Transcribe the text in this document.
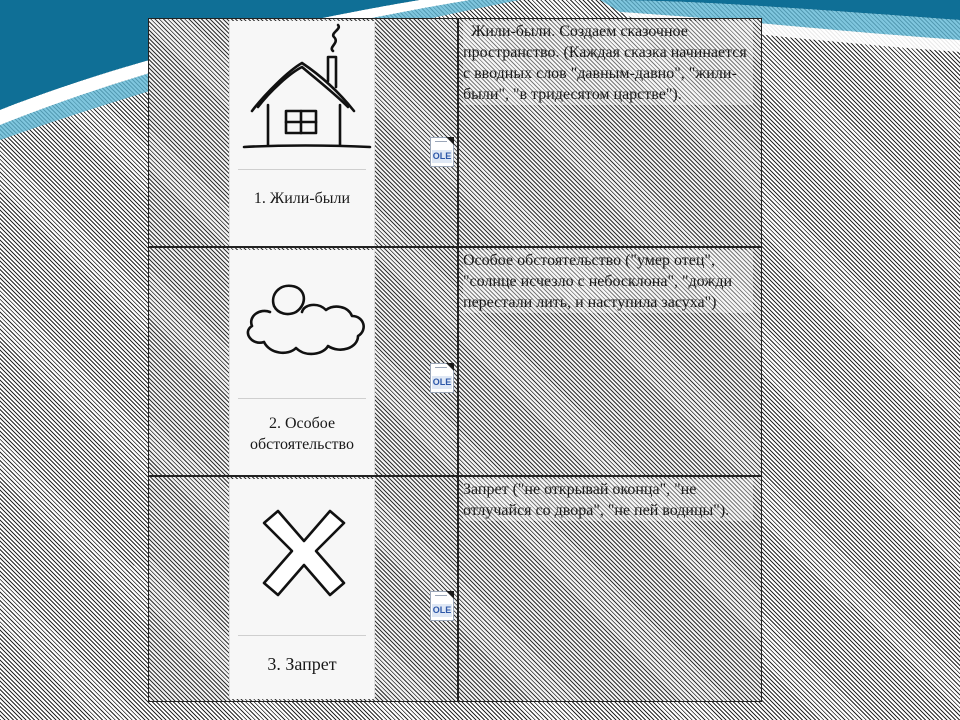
1. Жили-были
OLE
Жили-были. Создаем сказочное пространство. (Каждая сказка начинается с вводных слов "давным-давно", "жили-были", "в тридесятом царстве").
2. Особое обстоятельство
OLE
Особое обстоятельство ("умер отец", "солнце исчезло с небосклона", "дожди перестали лить, и наступила засуха")
3. Запрет
OLE
Запрет ("не открывай оконца", "не отлучайся со двора", "не пей водицы").
